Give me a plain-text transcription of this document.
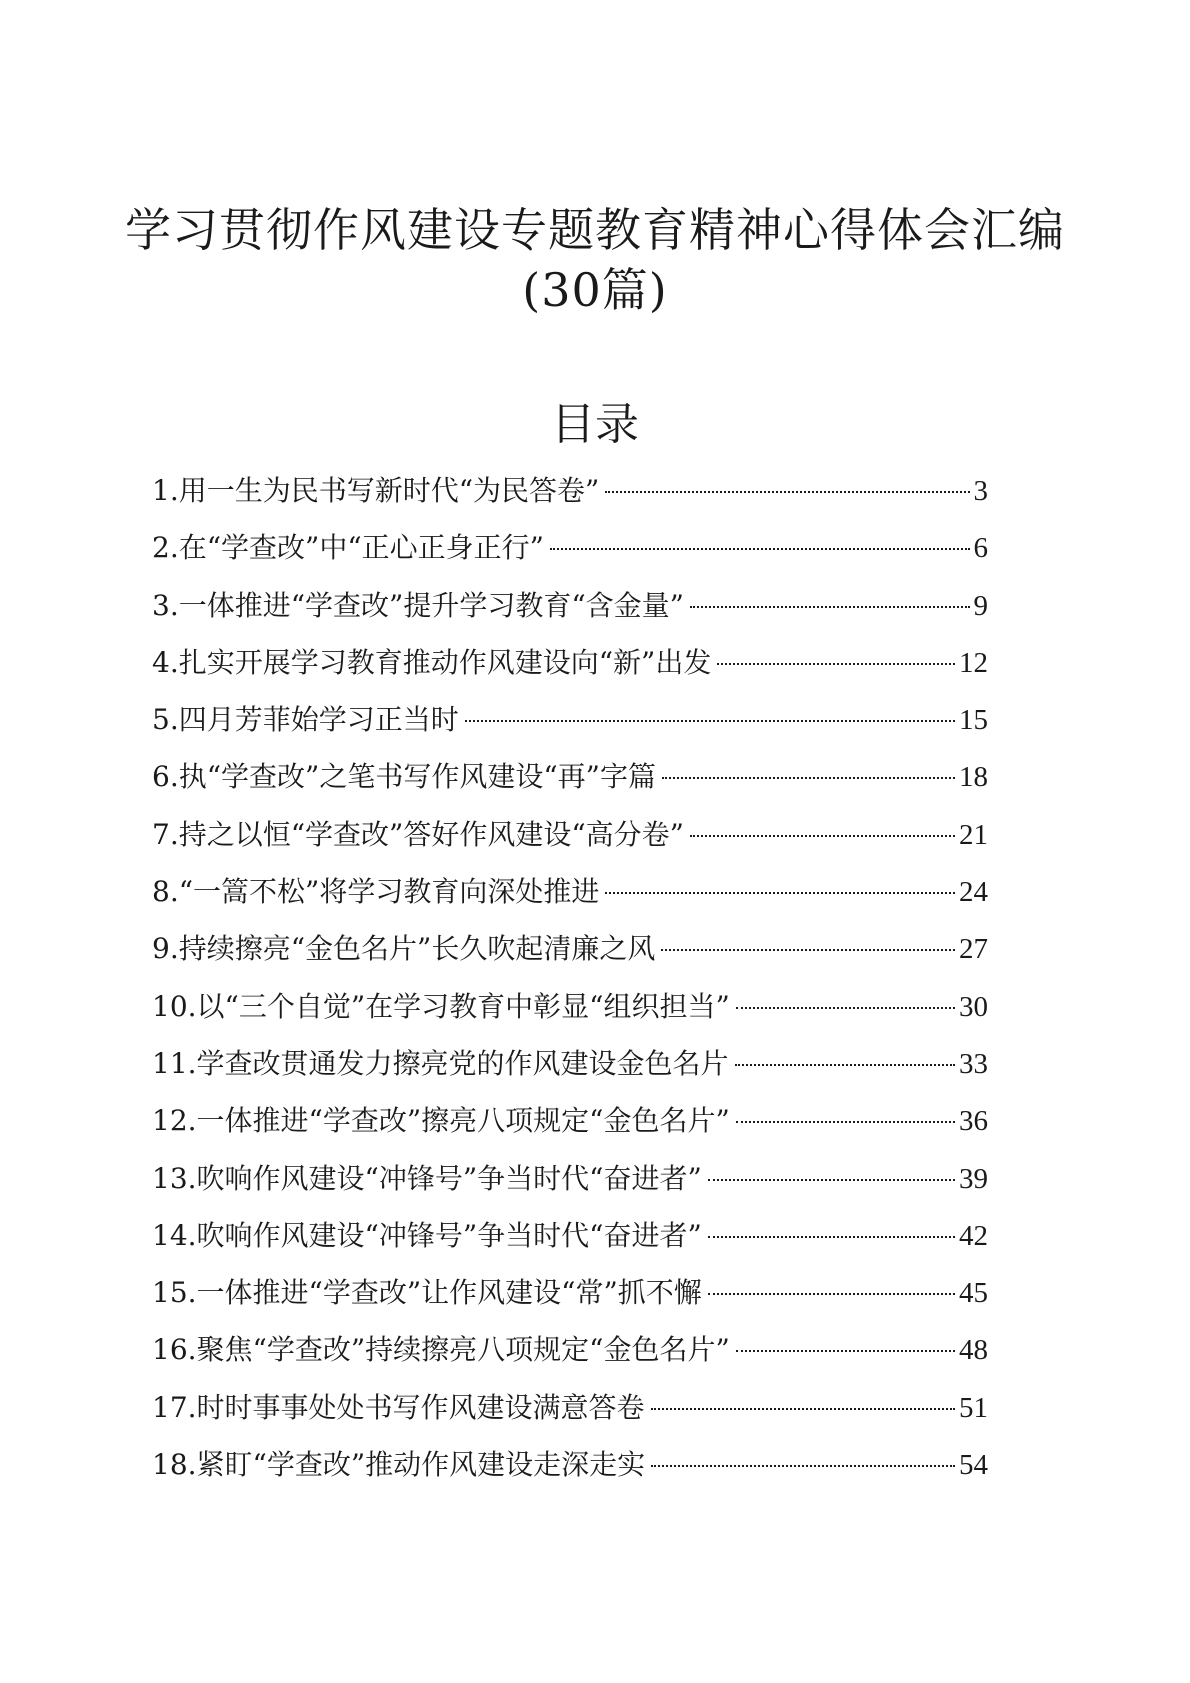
学习贯彻作风建设专题教育精神心得体会汇编
(30篇)
目录
1.用一生为民书写新时代“为民答卷”	3
2.在“学查改”中“正心正身正行”	6
3.一体推进“学查改”提升学习教育“含金量”	9
4.扎实开展学习教育推动作风建设向“新”出发	12
5.四月芳菲始学习正当时	15
6.执“学查改”之笔书写作风建设“再”字篇	18
7.持之以恒“学查改”答好作风建设“高分卷”	21
8.“一篙不松”将学习教育向深处推进	24
9.持续擦亮“金色名片”长久吹起清廉之风	27
10.以“三个自觉”在学习教育中彰显“组织担当”	30
11.学查改贯通发力擦亮党的作风建设金色名片	33
12.一体推进“学查改”擦亮八项规定“金色名片”	36
13.吹响作风建设“冲锋号”争当时代“奋进者”	39
14.吹响作风建设“冲锋号”争当时代“奋进者”	42
15.一体推进“学查改”让作风建设“常”抓不懈	45
16.聚焦“学查改”持续擦亮八项规定“金色名片”	48
17.时时事事处处书写作风建设满意答卷	51
18.紧盯“学查改”推动作风建设走深走实	54
